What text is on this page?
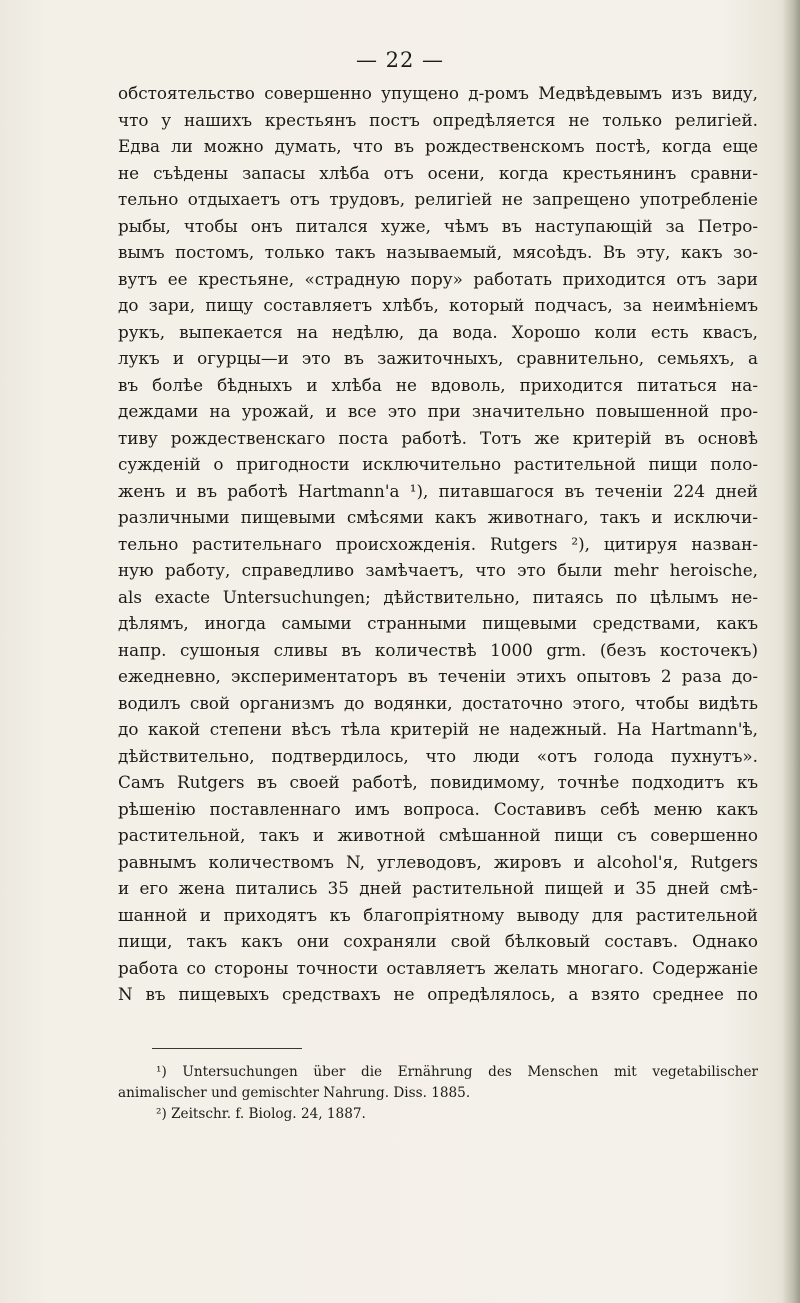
— 22 —
обстоятельство совершенно упущено д-ромъ Медвѣдевымъ изъ виду,
что у нашихъ крестьянъ постъ опредѣляется не только религіей.
Едва ли можно думать, что въ рождественскомъ постѣ, когда еще
не съѣдены запасы хлѣба отъ осени, когда крестьянинъ сравни-
тельно отдыхаетъ отъ трудовъ, религіей не запрещено употребленіе
рыбы, чтобы онъ питался хуже, чѣмъ въ наступающій за Петро-
вымъ постомъ, только такъ называемый, мясоѣдъ. Въ эту, какъ зо-
вутъ ее крестьяне, «страдную пору» работать приходится отъ зари
до зари, пищу составляетъ хлѣбъ, который подчасъ, за неимѣніемъ
рукъ, выпекается на недѣлю, да вода. Хорошо коли есть квасъ,
лукъ и огурцы—и это въ зажиточныхъ, сравнительно, семьяхъ, а
въ болѣе бѣдныхъ и хлѣба не вдоволь, приходится питаться на-
деждами на урожай, и все это при значительно повышенной про-
тиву рождественскаго поста работѣ. Тотъ же критерій въ основѣ
сужденій о пригодности исключительно растительной пищи поло-
женъ и въ работѣ Hartmann'а ¹), питавшагося въ теченіи 224 дней
различными пищевыми смѣсями какъ животнаго, такъ и исключи-
тельно растительнаго происхожденія. Rutgers ²), цитируя назван-
ную работу, справедливо замѣчаетъ, что это были mehr heroische,
als exacte Untersuchungen; дѣйствительно, питаясь по цѣлымъ не-
дѣлямъ, иногда самыми странными пищевыми средствами, какъ
напр. сушоныя сливы въ количествѣ 1000 grm. (безъ косточекъ)
ежедневно, экспериментаторъ въ теченіи этихъ опытовъ 2 раза до-
водилъ свой организмъ до водянки, достаточно этого, чтобы видѣть
до какой степени вѣсъ тѣла критерій не надежный. На Hartmann'ѣ,
дѣйствительно, подтвердилось, что люди «отъ голода пухнутъ».
Самъ Rutgers въ своей работѣ, повидимому, точнѣе подходитъ къ
рѣшенію поставленнаго имъ вопроса. Составивъ себѣ меню какъ
растительной, такъ и животной смѣшанной пищи съ совершенно
равнымъ количествомъ N, углеводовъ, жировъ и alcohol'я, Rutgers
и его жена питались 35 дней растительной пищей и 35 дней смѣ-
шанной и приходятъ къ благопріятному выводу для растительной
пищи, такъ какъ они сохраняли свой бѣлковый составъ. Однако
работа со стороны точности оставляетъ желать многаго. Содержаніе
N въ пищевыхъ средствахъ не опредѣлялось, а взято среднее по
¹) Untersuchungen über die Ernährung des Menschen mit vegetabilischer
animalischer und gemischter Nahrung. Diss. 1885.
²) Zeitschr. f. Biolog. 24, 1887.
